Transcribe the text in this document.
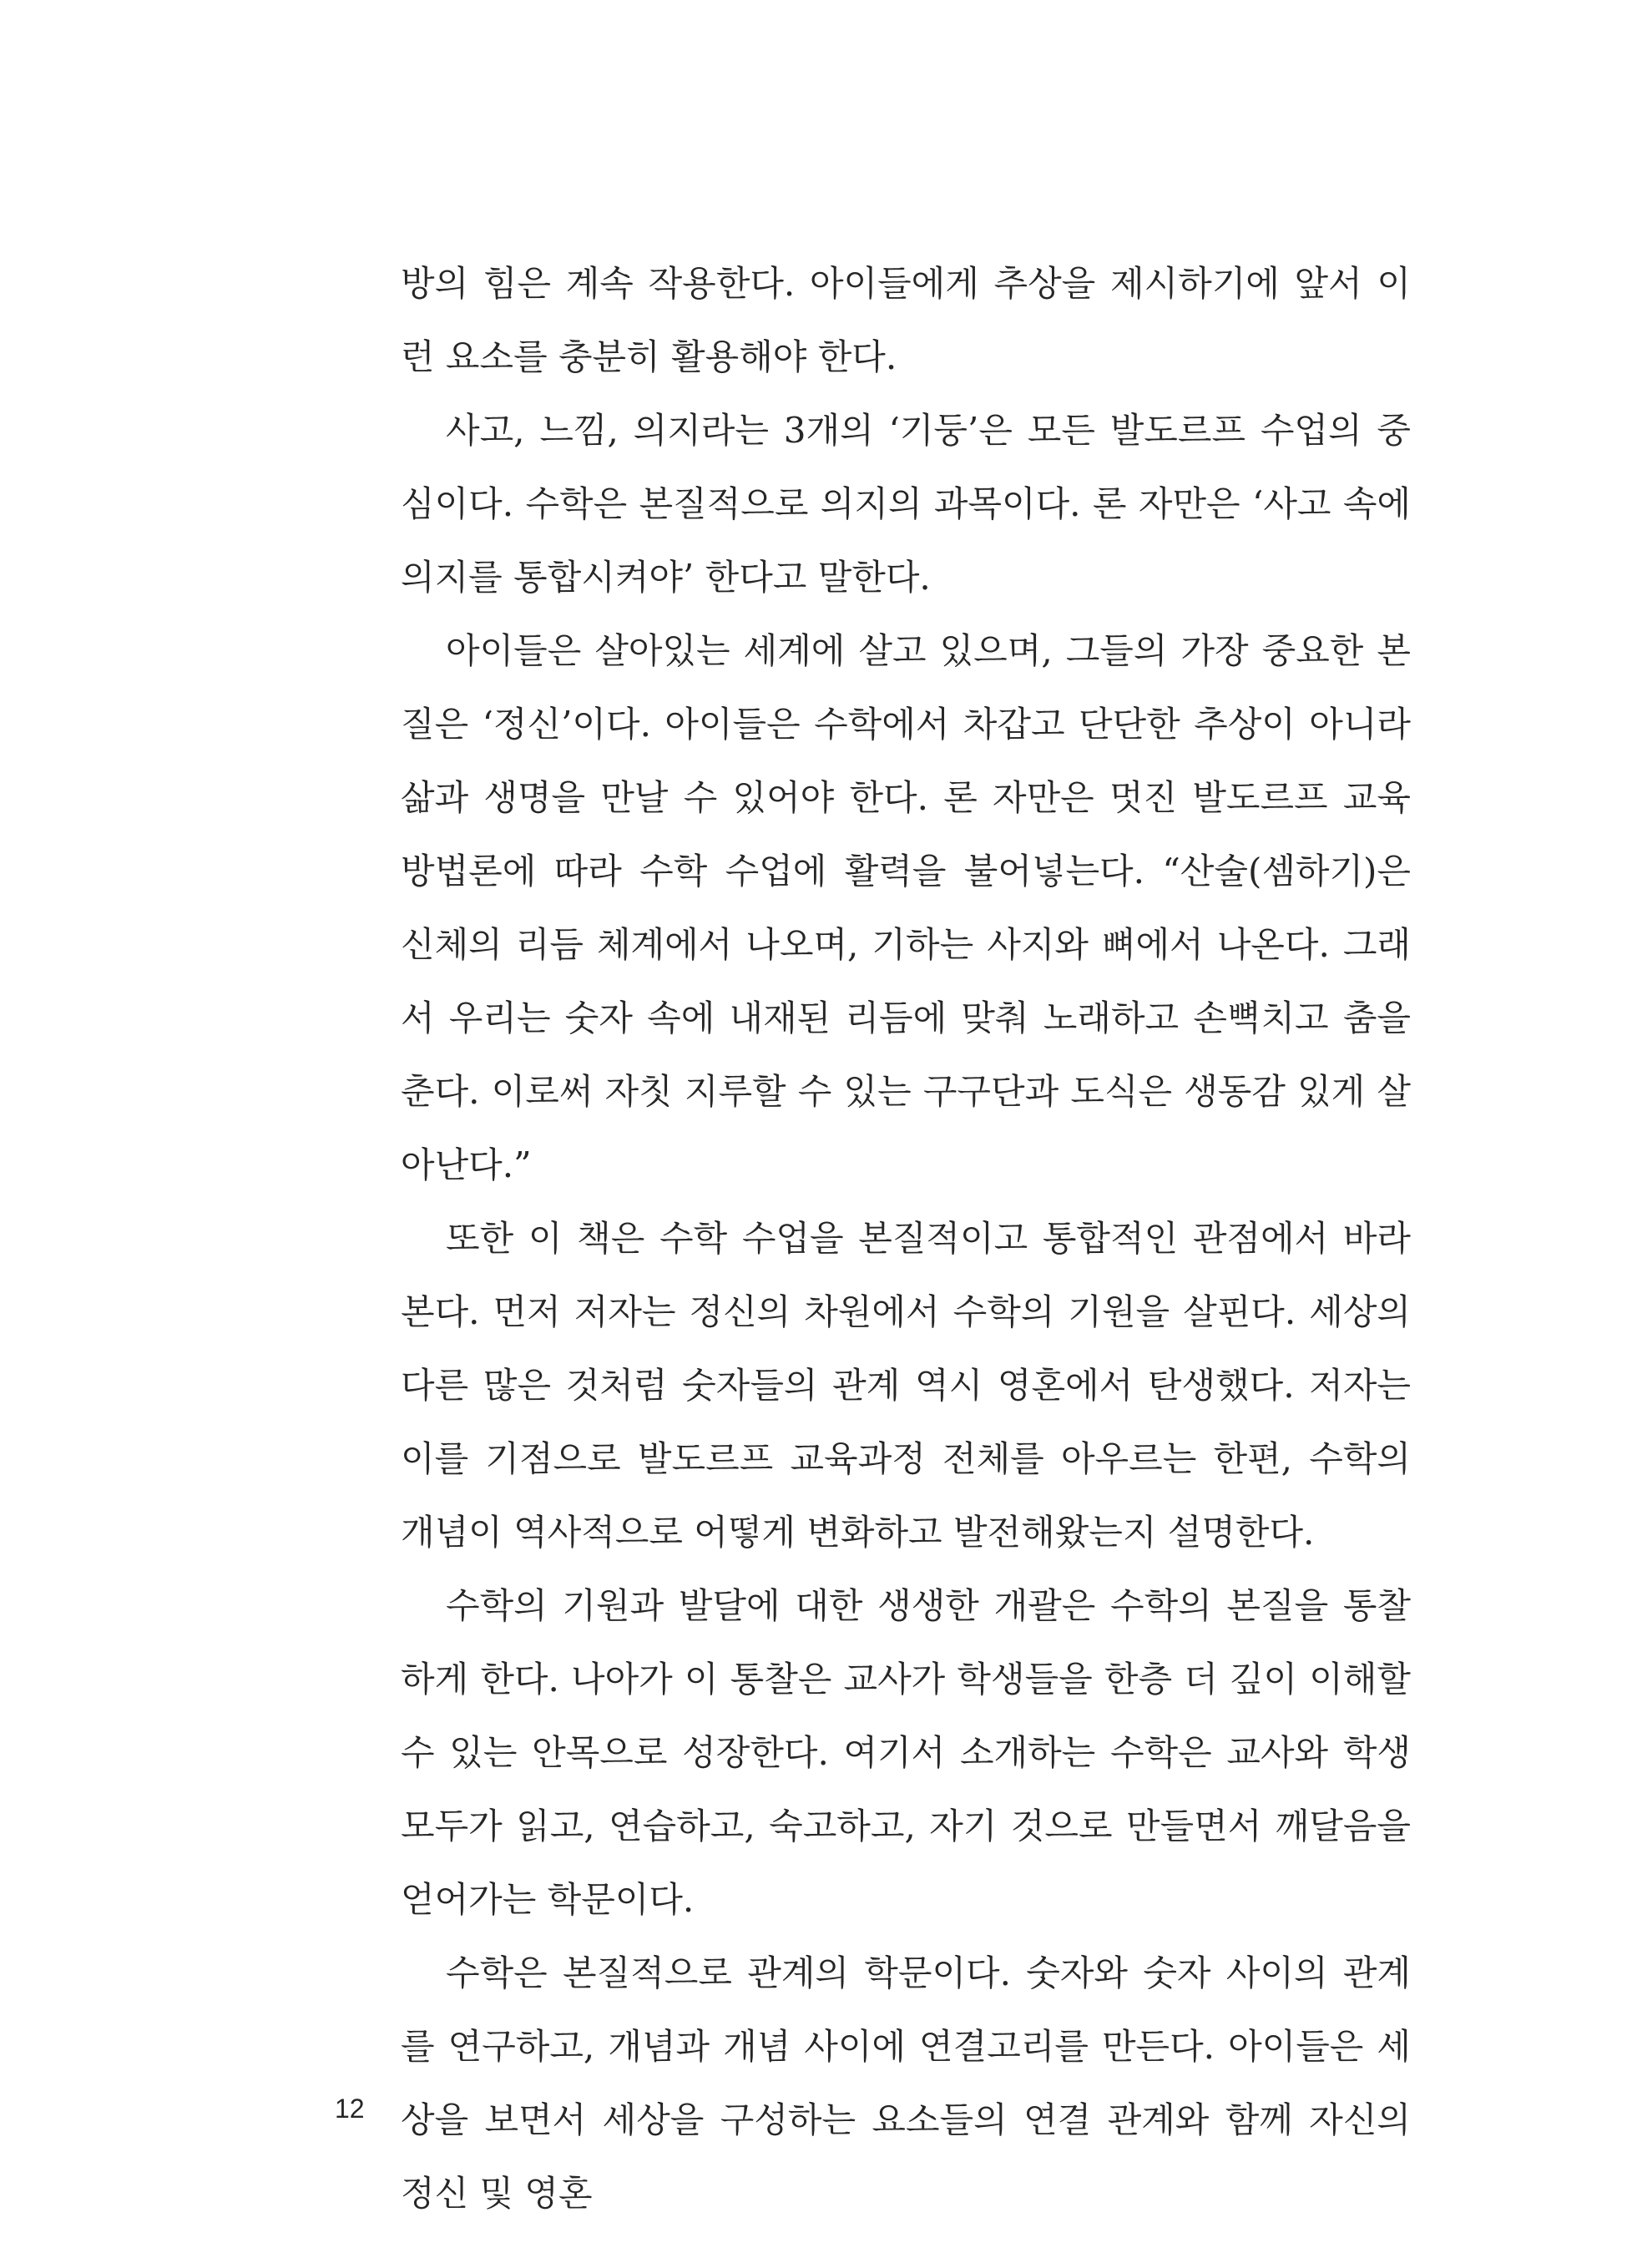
방의 힘은 계속 작용한다. 아이들에게 추상을 제시하기에 앞서 이런 요소를 충분히 활용해야 한다.

사고, 느낌, 의지라는 3개의 ‘기둥’은 모든 발도르프 수업의 중심이다. 수학은 본질적으로 의지의 과목이다. 론 자만은 ‘사고 속에 의지를 통합시켜야’ 한다고 말한다.

아이들은 살아있는 세계에 살고 있으며, 그들의 가장 중요한 본질은 ‘정신’이다. 아이들은 수학에서 차갑고 단단한 추상이 아니라 삶과 생명을 만날 수 있어야 한다. 론 자만은 멋진 발도르프 교육 방법론에 따라 수학 수업에 활력을 불어넣는다. “산술(셈하기)은 신체의 리듬 체계에서 나오며, 기하는 사지와 뼈에서 나온다. 그래서 우리는 숫자 속에 내재된 리듬에 맞춰 노래하고 손뼉치고 춤을 춘다. 이로써 자칫 지루할 수 있는 구구단과 도식은 생동감 있게 살아난다.”

또한 이 책은 수학 수업을 본질적이고 통합적인 관점에서 바라본다. 먼저 저자는 정신의 차원에서 수학의 기원을 살핀다. 세상의 다른 많은 것처럼 숫자들의 관계 역시 영혼에서 탄생했다. 저자는 이를 기점으로 발도르프 교육과정 전체를 아우르는 한편, 수학의 개념이 역사적으로 어떻게 변화하고 발전해왔는지 설명한다.

수학의 기원과 발달에 대한 생생한 개괄은 수학의 본질을 통찰하게 한다. 나아가 이 통찰은 교사가 학생들을 한층 더 깊이 이해할 수 있는 안목으로 성장한다. 여기서 소개하는 수학은 교사와 학생 모두가 읽고, 연습하고, 숙고하고, 자기 것으로 만들면서 깨달음을 얻어가는 학문이다.

수학은 본질적으로 관계의 학문이다. 숫자와 숫자 사이의 관계를 연구하고, 개념과 개념 사이에 연결고리를 만든다. 아이들은 세상을 보면서 세상을 구성하는 요소들의 연결 관계와 함께 자신의 정신 및 영혼

12
